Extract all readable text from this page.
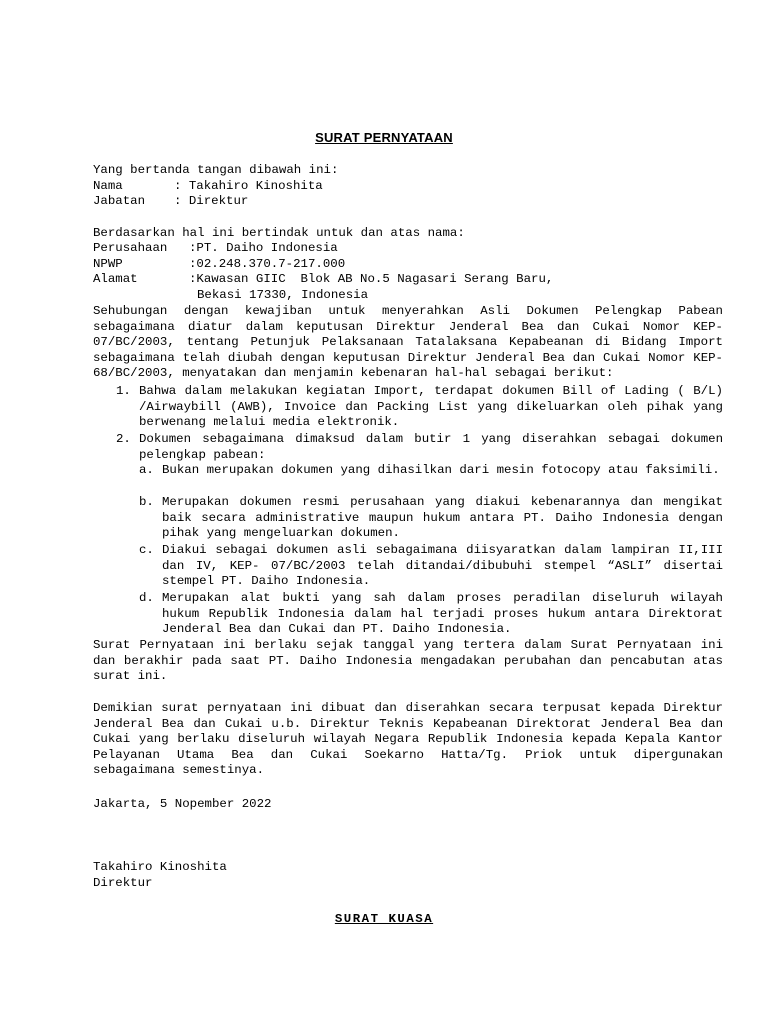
SURAT PERNYATAAN
Yang bertanda tangan dibawah ini:
Nama	: Takahiro Kinoshita
Jabatan : Direktur
Berdasarkan hal ini bertindak untuk dan atas nama:
Perusahaan :PT. Daiho Indonesia
NPWP	:02.248.370.7-217.000
Alamat	:Kawasan GIIC  Blok AB No.5 Nagasari Serang Baru,
Bekasi 17330, Indonesia
Sehubungan dengan kewajiban untuk menyerahkan Asli Dokumen Pelengkap Pabean sebagaimana diatur dalam keputusan Direktur Jenderal Bea dan Cukai Nomor KEP-07/BC/2003, tentang Petunjuk Pelaksanaan Tatalaksana Kepabeanan di Bidang Import sebagaimana telah diubah dengan keputusan Direktur Jenderal Bea dan Cukai Nomor KEP-68/BC/2003, menyatakan dan menjamin kebenaran hal-hal sebagai berikut:
1. Bahwa dalam melakukan kegiatan Import, terdapat dokumen Bill of Lading ( B/L) /Airwaybill (AWB), Invoice dan Packing List yang dikeluarkan oleh pihak yang berwenang melalui media elektronik.
2. Dokumen sebagaimana dimaksud dalam butir 1 yang diserahkan sebagai dokumen pelengkap pabean:
a. Bukan merupakan dokumen yang dihasilkan dari mesin fotocopy atau faksimili.
b. Merupakan dokumen resmi perusahaan yang diakui kebenarannya dan mengikat baik secara administrative maupun hukum antara PT. Daiho Indonesia dengan pihak yang mengeluarkan dokumen.
c. Diakui sebagai dokumen asli sebagaimana diisyaratkan dalam lampiran II,III dan IV, KEP- 07/BC/2003 telah ditandai/dibubuhi stempel “ASLI” disertai stempel PT. Daiho Indonesia.
d. Merupakan alat bukti yang sah dalam proses peradilan diseluruh wilayah hukum Republik Indonesia dalam hal terjadi proses hukum antara Direktorat Jenderal Bea dan Cukai dan PT. Daiho Indonesia.
Surat Pernyataan ini berlaku sejak tanggal yang tertera dalam Surat Pernyataan ini dan berakhir pada saat PT. Daiho Indonesia mengadakan perubahan dan pencabutan atas surat ini.
Demikian surat pernyataan ini dibuat dan diserahkan secara terpusat kepada Direktur Jenderal Bea dan Cukai u.b. Direktur Teknis Kepabeanan Direktorat Jenderal Bea dan Cukai yang berlaku diseluruh wilayah Negara Republik Indonesia kepada Kepala Kantor Pelayanan Utama Bea dan Cukai Soekarno Hatta/Tg. Priok untuk dipergunakan sebagaimana semestinya.
Jakarta, 5 Nopember 2022
Takahiro Kinoshita
Direktur
SURAT KUASA
